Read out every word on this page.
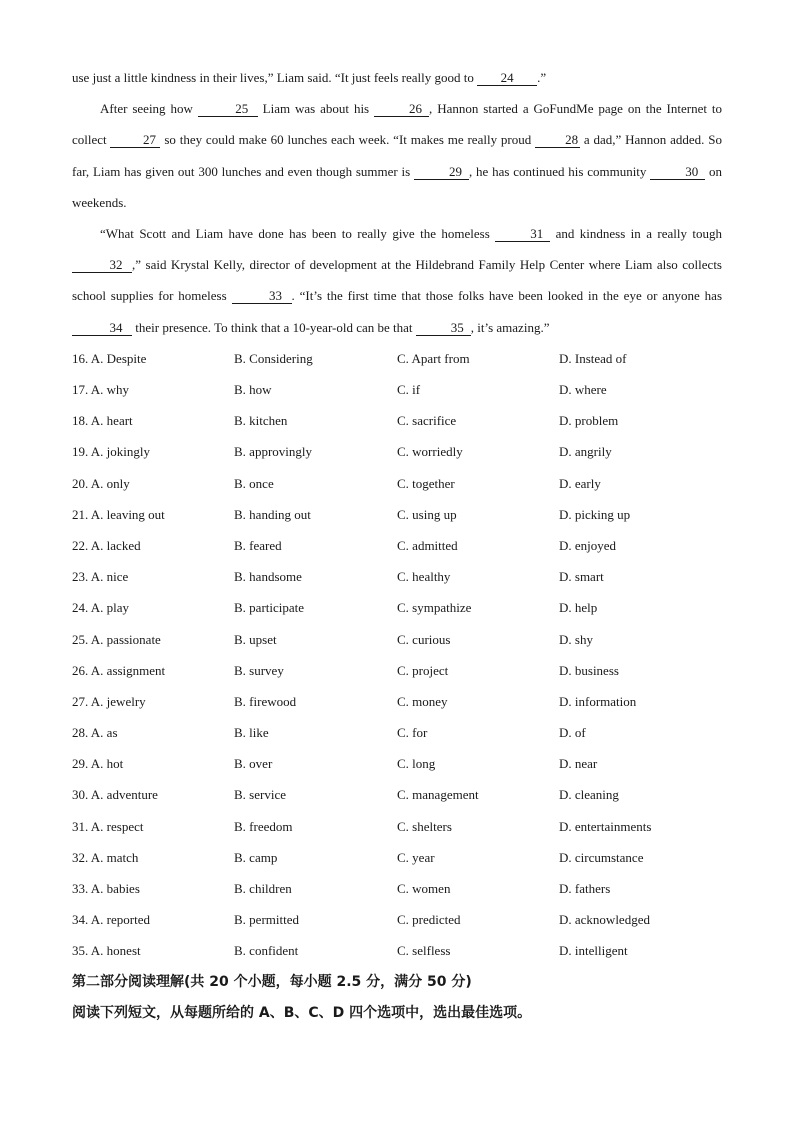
use just a little kindness in their lives,” Liam said. “It just feels really good to 24 .”

After seeing how	25 Liam was about his	26 , Hannon started a GoFundMe page on the Internet to collect	27 so they could make 60 lunches each week. “It makes me really proud 28 a dad,” Hannon added. So far, Liam has given out 300 lunches and even though summer is	29 , he has continued his community	30 on weekends.

“What Scott and Liam have done has been to really give the homeless	31 and kindness in a really tough 32 ,” said Krystal Kelly, director of development at the Hildebrand Family Help Center where Liam also collects school supplies for homeless	33 . “It’s the first time that those folks have been looked in the eye or anyone has 34 their presence. To think that a 10-year-old can be that	35 , it’s amazing.”

16. A. Despite	B. Considering	C. Apart from	D. Instead of
17. A. why	B. how	C. if	D. where
18. A. heart	B. kitchen	C. sacrifice	D. problem
19. A. jokingly	B. approvingly	C. worriedly	D. angrily
20. A. only	B. once	C. together	D. early
21. A. leaving out	B. handing out	C. using up	D. picking up
22. A. lacked	B. feared	C. admitted	D. enjoyed
23. A. nice	B. handsome	C. healthy	D. smart
24. A. play	B. participate	C. sympathize	D. help
25. A. passionate	B. upset	C. curious	D. shy
26. A. assignment	B. survey	C. project	D. business
27. A. jewelry	B. firewood	C. money	D. information
28. A. as	B. like	C. for	D. of
29. A. hot	B. over	C. long	D. near
30. A. adventure	B. service	C. management	D. cleaning
31. A. respect	B. freedom	C. shelters	D. entertainments
32. A. match	B. camp	C. year	D. circumstance
33. A. babies	B. children	C. women	D. fathers
34. A. reported	B. permitted	C. predicted	D. acknowledged
35. A. honest	B. confident	C. selfless	D. intelligent

第二部分阅读理解(共 20 个小题，每小题 2.5 分，满分 50 分)

阅读下列短文，从每题所给的 A、B、C、D 四个选项中，选出最佳选项。
